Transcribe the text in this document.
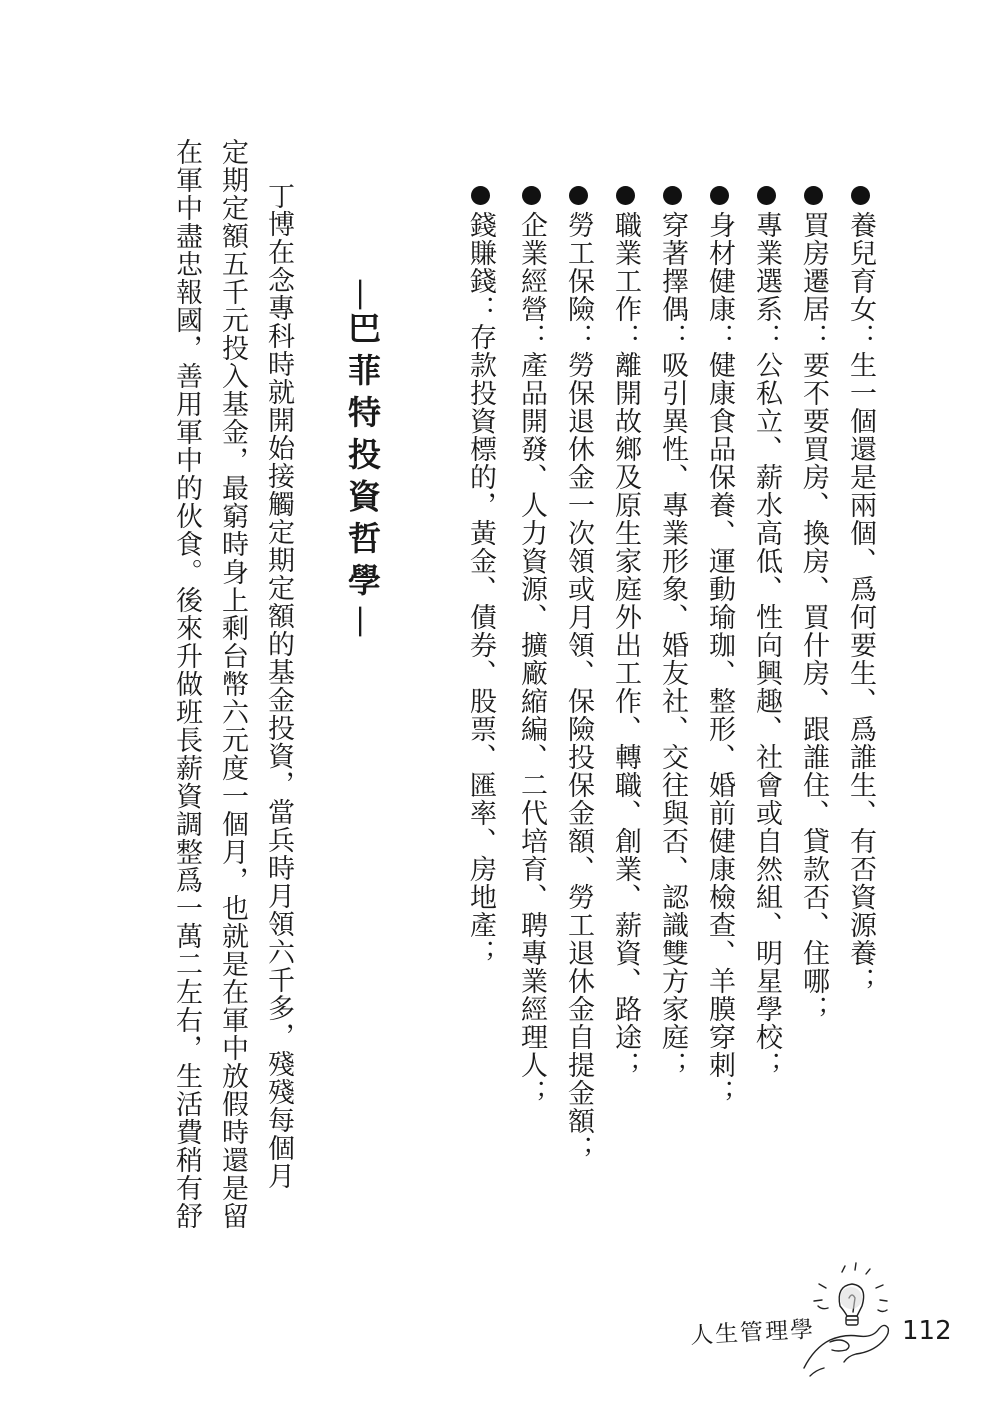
養兒育女：生一個還是兩個、爲何要生、爲誰生、有否資源養；
買房遷居：要不要買房、換房、買什房、跟誰住、貸款否、住哪；
專業選系：公私立、薪水高低、性向興趣、社會或自然組、明星學校；
身材健康：健康食品保養、運動瑜珈、整形、婚前健康檢查、羊膜穿刺；
穿著擇偶：吸引異性、專業形象、婚友社、交往與否、認識雙方家庭；
職業工作：離開故鄉及原生家庭外出工作、轉職、創業、薪資、路途；
勞工保險：勞保退休金一次領或月領、保險投保金額、勞工退休金自提金額；
企業經營：產品開發、人力資源、擴廠縮編、二代培育、聘專業經理人；
錢賺錢：存款投資標的，黃金、債券、股票、匯率、房地產；
—巴菲特投資哲學—
丁博在念專科時就開始接觸定期定額的基金投資，當兵時月領六千多，殘殘每個月
定期定額五千元投入基金，最窮時身上剩台幣六元度一個月，也就是在軍中放假時還是留
在軍中盡忠報國，善用軍中的伙食。後來升做班長薪資調整爲一萬二左右，生活費稍有舒
人生管理學	112
